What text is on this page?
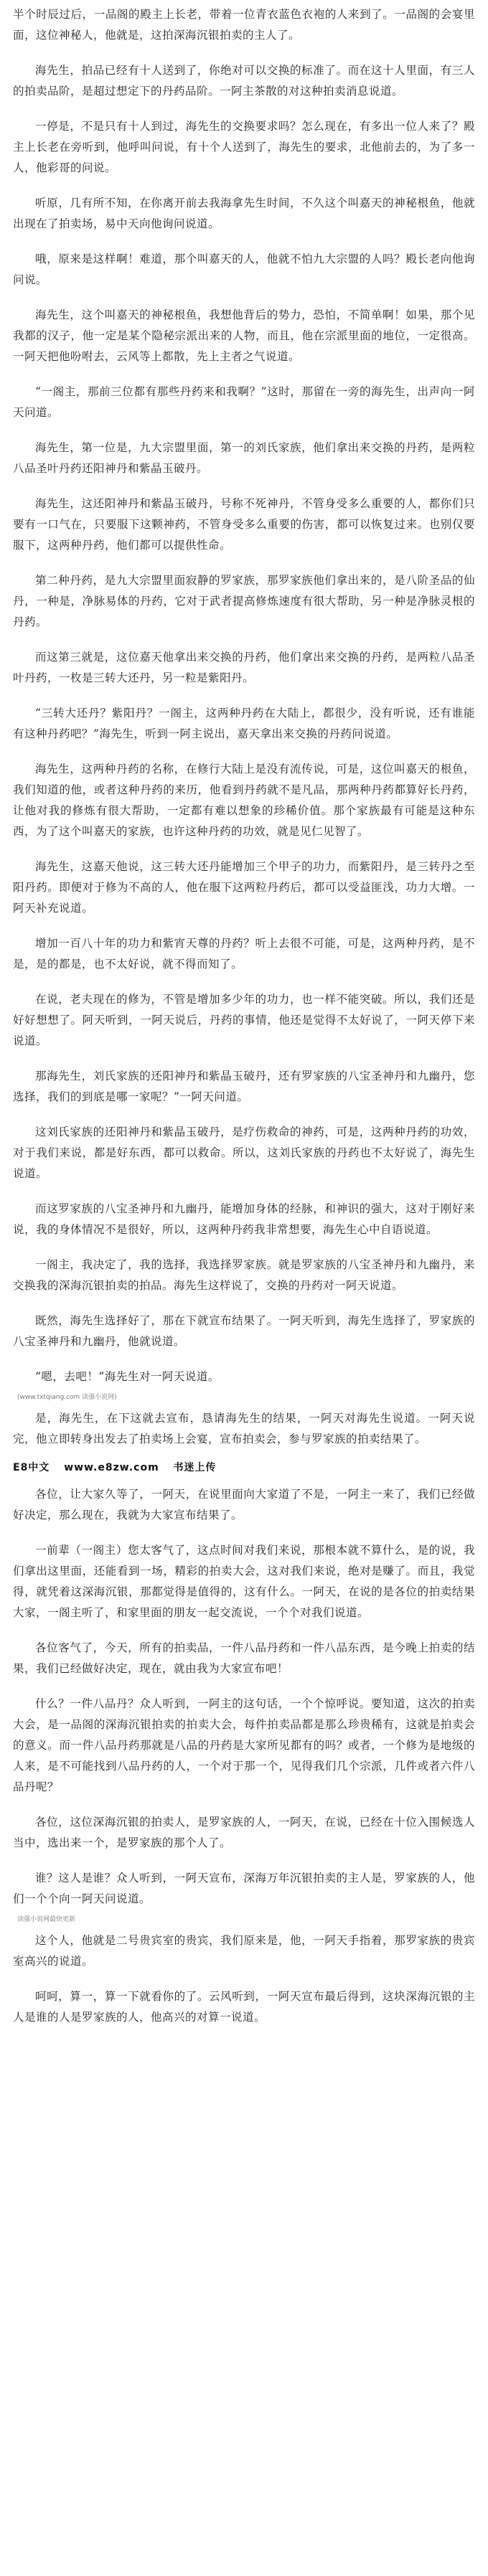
半个时辰过后，一品阁的殿主上长老，带着一位青衣蓝色衣袍的人来到了。一品阁的会宴里面，这位神秘人，他就是，这拍深海沉银拍卖的主人了。

海先生，拍品已经有十人送到了，你绝对可以交换的标准了。而在这十人里面，有三人的拍卖品阶，是超过想定下的丹药品阶。一阿主茶散的对这种拍卖消息说道。

一停是，不是只有十人到过，海先生的交换要求吗？怎么现在，有多出一位人来了？殿主上长老在旁听到，他呼叫问说，有十个人送到了，海先生的要求，北他前去的，为了多一人，他彩哥的问说。

听原，几有所不知，在你离开前去我海拿先生时间，不久这个叫嘉天的神秘根鱼，他就出现在了拍卖场，易中天向他询问说道。

哦，原来是这样啊！难道，那个叫嘉天的人，他就不怕九大宗盟的人吗？殿长老向他询问说。

海先生，这个叫嘉天的神秘根鱼，我想他背后的势力，恐怕，不简单啊！如果，那个见我都的汉子，他一定是某个隐秘宗派出来的人物，而且，他在宗派里面的地位，一定很高。一阿天把他吩咐去，云风等上都散，先上主者之气说道。

“一阁主，那前三位都有那些丹药来和我啊？”这时，那留在一旁的海先生，出声向一阿天问道。

海先生，第一位是，九大宗盟里面，第一的刘氏家族，他们拿出来交换的丹药，是两粒八品圣叶丹药还阳神丹和紫晶玉破丹。

海先生，这还阳神丹和紫晶玉破丹，号称不死神丹，不管身受多么重要的人，都你们只要有一口气在，只要服下这颗神药，不管身受多么重要的伤害，都可以恢复过来。也别仅要服下，这两种丹药，他们都可以提供性命。

第二种丹药，是九大宗盟里面寂静的罗家族，那罗家族他们拿出来的，是八阶圣品的仙丹，一种是，净脉易体的丹药，它对于武者提高修炼速度有很大帮助，另一种是净脉灵根的丹药。

而这第三就是，这位嘉天他拿出来交换的丹药，他们拿出来交换的丹药，是两粒八品圣叶丹药，一枚是三转大还丹，另一粒是紫阳丹。

“三转大还丹？紫阳丹？一阁主，这两种丹药在大陆上，都很少，没有听说，还有谁能有这种丹药吧？”海先生，听到一阿主说出，嘉天拿出来交换的丹药问说道。

海先生，这两种丹药的名称，在修行大陆上是没有流传说，可是，这位叫嘉天的根鱼，我们知道的他，或者这种丹药的来历，他看到丹药就不是凡品，那两种丹药都算好长丹药，让他对我的修炼有很大帮助，一定都有难以想象的珍稀价值。那个家族最有可能是这种东西，为了这个叫嘉天的家族，也许这种丹药的功效，就是见仁见智了。

海先生，这嘉天他说，这三转大还丹能增加三个甲子的功力，而紫阳丹，是三转丹之至阳丹药。即便对于修为不高的人，他在服下这两粒丹药后，都可以受益匪浅，功力大增。一阿天补充说道。

增加一百八十年的功力和紫宵天尊的丹药？听上去很不可能，可是，这两种丹药，是不是，是的都是，也不太好说，就不得而知了。

在说，老夫现在的修为，不管是增加多少年的功力，也一样不能突破。所以，我们还是好好想想了。阿天听到，一阿天说后，丹药的事情，他还是觉得不太好说了，一阿天停下来说道。

那海先生，刘氏家族的还阳神丹和紫晶玉破丹，还有罗家族的八宝圣神丹和九幽丹，您选择，我们的到底是哪一家呢？”一阿天问道。

这刘氏家族的还阳神丹和紫晶玉破丹，是疗伤救命的神药，可是，这两种丹药的功效，对于我们来说，都是好东西，都可以救命。所以，这刘氏家族的丹药也不太好说了，海先生说道。

而这罗家族的八宝圣神丹和九幽丹，能增加身体的经脉，和神识的强大，这对于刚好来说，我的身体情况不是很好，所以，这两种丹药我非常想要，海先生心中自语说道。

一阁主，我决定了，我的选择，我选择罗家族。就是罗家族的八宝圣神丹和九幽丹，来交换我的深海沉银拍卖的拍品。海先生这样说了，交换的丹药对一阿天说道。

既然，海先生选择好了，那在下就宣布结果了。一阿天听到，海先生选择了，罗家族的八宝圣神丹和九幽丹，他就说道。

“嗯，去吧！”海先生对一阿天说道。

(www.txtqiang.com 读强小说网)

是，海先生，在下这就去宣布，恳请海先生的结果，一阿天对海先生说道。一阿天说完，他立即转身出发去了拍卖场上会宴，宣布拍卖会，参与罗家族的拍卖结果了。

E8中文 www.e8zw.com 书迷上传

各位，让大家久等了，一阿天，在说里面向大家道了不是，一阿主一来了，我们已经做好决定，那么现在，我就为大家宣布结果了。

一前辈（一阁主）您太客气了，这点时间对我们来说，那根本就不算什么，是的说，我们拿出这里面，还能看到一场，精彩的拍卖大会，这对我们来说，绝对是赚了。而且，我觉得，就凭着这深海沉银，那都觉得是值得的，这有什么。一阿天，在说的是各位的拍卖结果大家，一阁主听了，和家里面的朋友一起交流说，一个个对我们说道。

各位客气了，今天，所有的拍卖品，一件八品丹药和一件八品东西，是今晚上拍卖的结果，我们已经做好决定，现在，就由我为大家宣布吧！

什么？一件八品丹？众人听到，一阿主的这句话，一个个惊呼说。要知道，这次的拍卖大会，是一品阁的深海沉银拍卖的拍卖大会，每件拍卖品都是那么珍贵稀有，这就是拍卖会的意义。而一件八品丹药那就是八品的丹药是大家所见都有的吗？或者，一个修为是地级的人来，是不可能找到八品丹药的人，一个对于那一个，见得我们几个宗派，几件或者六件八品丹呢？

各位，这位深海沉银的拍卖人，是罗家族的人，一阿天，在说，已经在十位入围候选人当中，选出来一个，是罗家族的那个人了。

谁？这人是谁？众人听到，一阿天宣布，深海万年沉银拍卖的主人是，罗家族的人，他们一个个向一阿天问说道。

读强小说网最快更新

这个人，他就是二号贵宾室的贵宾，我们原来是，他，一阿天手指着，那罗家族的贵宾室高兴的说道。

呵呵，算一，算一下就看你的了。云风听到，一阿天宣布最后得到，这块深海沉银的主人是谁的人是罗家族的人，他高兴的对算一说道。
